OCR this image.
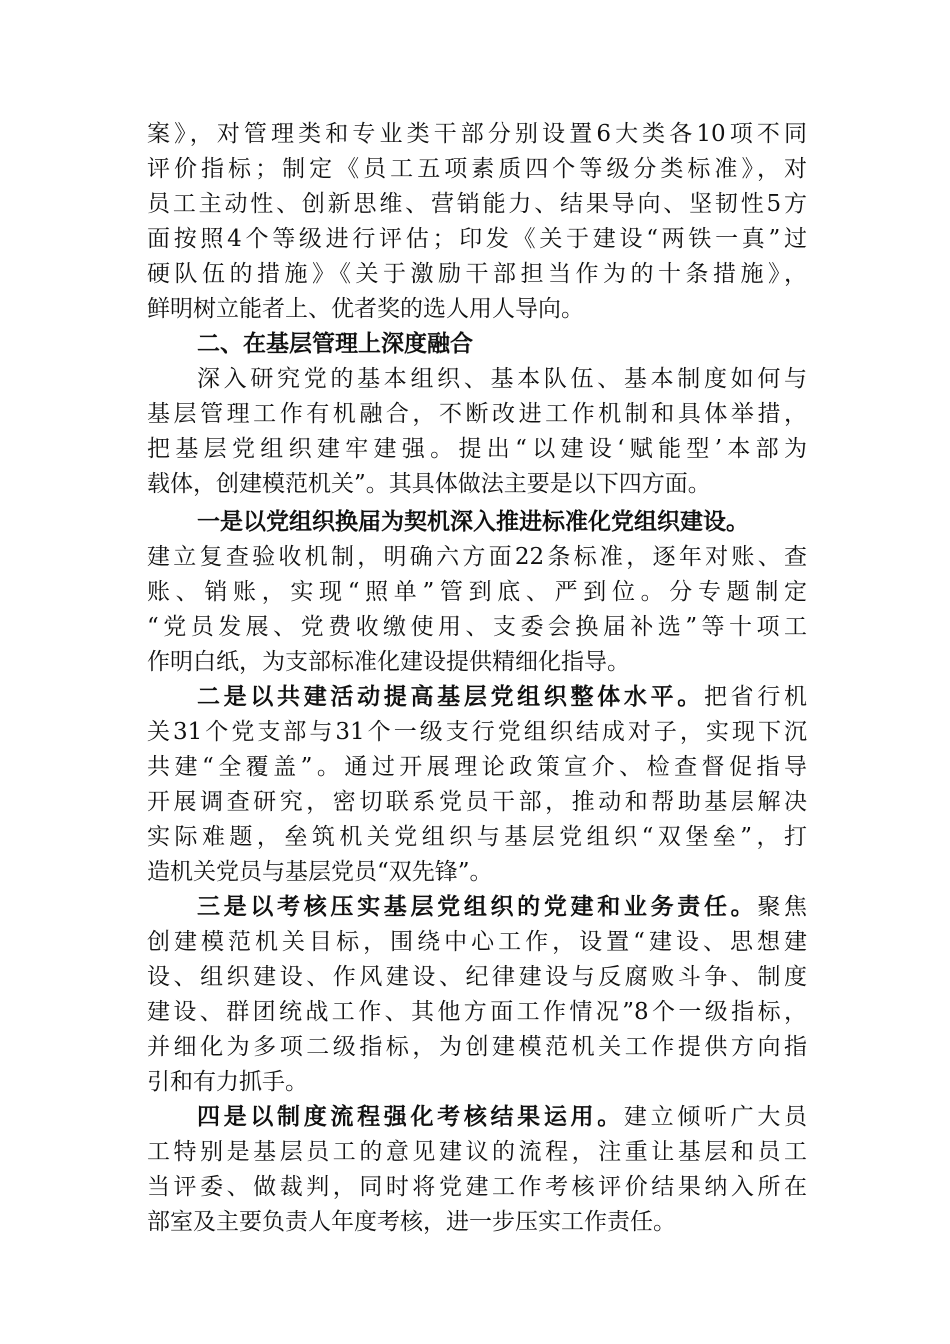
案》，对管理类和专业类干部分别设置6大类各10项不同
评价指标；制定《员工五项素质四个等级分类标准》，对
员工主动性、创新思维、营销能力、结果导向、坚韧性5方
面按照4个等级进行评估；印发《关于建设“两铁一真”过
硬队伍的措施》《关于激励干部担当作为的十条措施》，
鲜明树立能者上、优者奖的选人用人导向。
二、在基层管理上深度融合
深入研究党的基本组织、基本队伍、基本制度如何与
基层管理工作有机融合，不断改进工作机制和具体举措，
把基层党组织建牢建强。提出“以建设‘赋能型’本部为
载体，创建模范机关”。其具体做法主要是以下四方面。
一是以党组织换届为契机深入推进标准化党组织建设。
建立复查验收机制，明确六方面22条标准，逐年对账、查
账、销账，实现“照单”管到底、严到位。分专题制定
“党员发展、党费收缴使用、支委会换届补选”等十项工
作明白纸，为支部标准化建设提供精细化指导。
二是以共建活动提高基层党组织整体水平。把省行机
关31个党支部与31个一级支行党组织结成对子，实现下沉
共建“全覆盖”。通过开展理论政策宣介、检查督促指导
开展调查研究，密切联系党员干部，推动和帮助基层解决
实际难题，垒筑机关党组织与基层党组织“双堡垒”，打
造机关党员与基层党员“双先锋”。
三是以考核压实基层党组织的党建和业务责任。聚焦
创建模范机关目标，围绕中心工作，设置“建设、思想建
设、组织建设、作风建设、纪律建设与反腐败斗争、制度
建设、群团统战工作、其他方面工作情况”8个一级指标，
并细化为多项二级指标，为创建模范机关工作提供方向指
引和有力抓手。
四是以制度流程强化考核结果运用。建立倾听广大员
工特别是基层员工的意见建议的流程，注重让基层和员工
当评委、做裁判，同时将党建工作考核评价结果纳入所在
部室及主要负责人年度考核，进一步压实工作责任。
